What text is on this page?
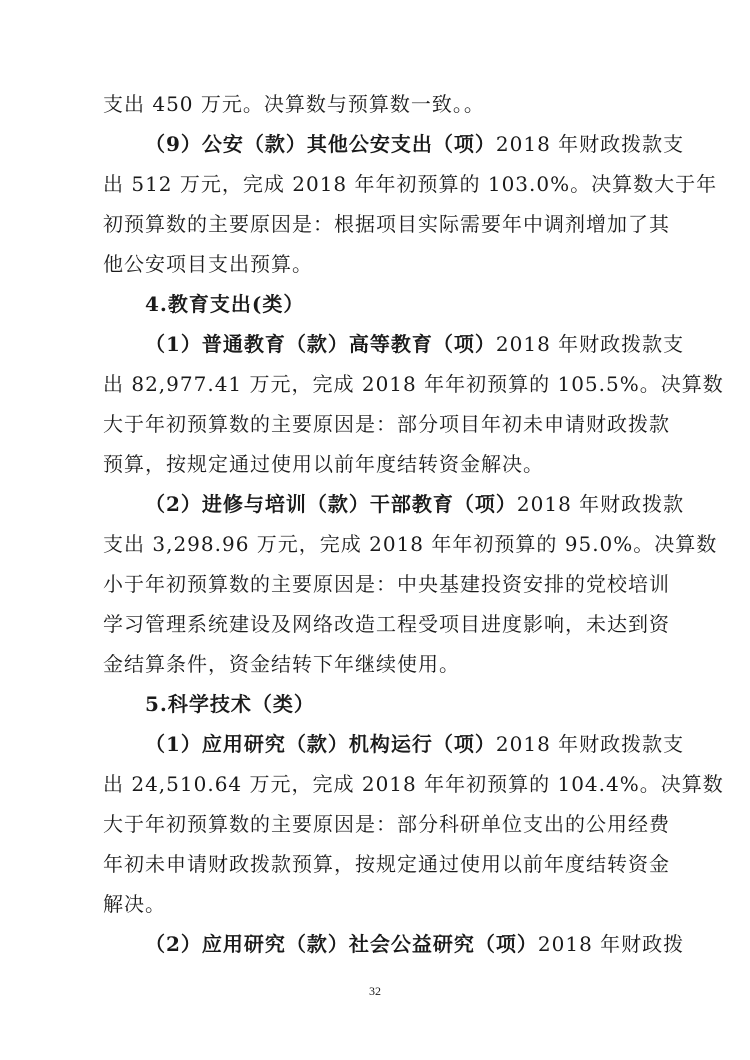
支出 450 万元。决算数与预算数一致。。
（9）公安（款）其他公安支出（项）2018 年财政拨款支
出 512 万元，完成 2018 年年初预算的 103.0%。决算数大于年
初预算数的主要原因是：根据项目实际需要年中调剂增加了其
他公安项目支出预算。
4.教育支出(类）
（1）普通教育（款）高等教育（项）2018 年财政拨款支
出 82,977.41 万元，完成 2018 年年初预算的 105.5%。决算数
大于年初预算数的主要原因是：部分项目年初未申请财政拨款
预算，按规定通过使用以前年度结转资金解决。
（2）进修与培训（款）干部教育（项）2018 年财政拨款
支出 3,298.96 万元，完成 2018 年年初预算的 95.0%。决算数
小于年初预算数的主要原因是：中央基建投资安排的党校培训
学习管理系统建设及网络改造工程受项目进度影响，未达到资
金结算条件，资金结转下年继续使用。
5.科学技术（类）
（1）应用研究（款）机构运行（项）2018 年财政拨款支
出 24,510.64 万元，完成 2018 年年初预算的 104.4%。决算数
大于年初预算数的主要原因是：部分科研单位支出的公用经费
年初未申请财政拨款预算，按规定通过使用以前年度结转资金
解决。
（2）应用研究（款）社会公益研究（项）2018 年财政拨
32
